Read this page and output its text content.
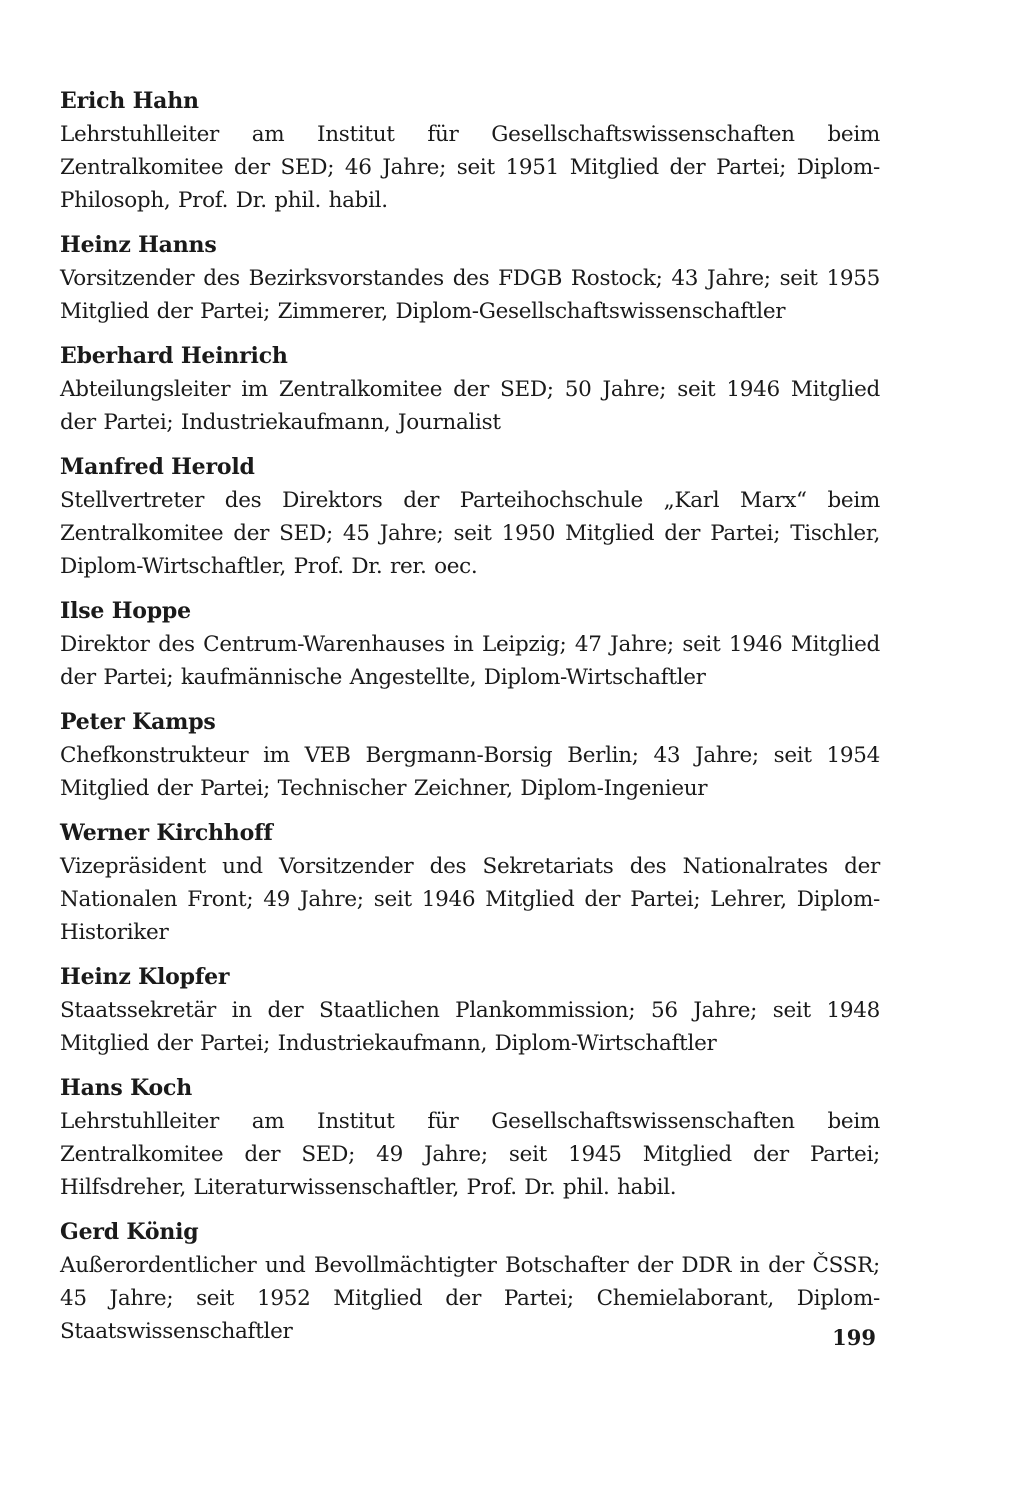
Erich Hahn
Lehrstuhlleiter am Institut für Gesellschaftswissenschaften beim Zentralkomitee der SED; 46 Jahre; seit 1951 Mitglied der Partei; Diplom-Philosoph, Prof. Dr. phil. habil.
Heinz Hanns
Vorsitzender des Bezirksvorstandes des FDGB Rostock; 43 Jahre; seit 1955 Mitglied der Partei; Zimmerer, Diplom-Gesellschaftswissenschaftler
Eberhard Heinrich
Abteilungsleiter im Zentralkomitee der SED; 50 Jahre; seit 1946 Mitglied der Partei; Industriekaufmann, Journalist
Manfred Herold
Stellvertreter des Direktors der Parteihochschule „Karl Marx“ beim Zentralkomitee der SED; 45 Jahre; seit 1950 Mitglied der Partei; Tischler, Diplom-Wirtschaftler, Prof. Dr. rer. oec.
Ilse Hoppe
Direktor des Centrum-Warenhauses in Leipzig; 47 Jahre; seit 1946 Mitglied der Partei; kaufmännische Angestellte, Diplom-Wirtschaftler
Peter Kamps
Chefkonstrukteur im VEB Bergmann-Borsig Berlin; 43 Jahre; seit 1954 Mitglied der Partei; Technischer Zeichner, Diplom-Ingenieur
Werner Kirchhoff
Vizepräsident und Vorsitzender des Sekretariats des Nationalrates der Nationalen Front; 49 Jahre; seit 1946 Mitglied der Partei; Lehrer, Diplom-Historiker
Heinz Klopfer
Staatssekretär in der Staatlichen Plankommission; 56 Jahre; seit 1948 Mitglied der Partei; Industriekaufmann, Diplom-Wirtschaftler
Hans Koch
Lehrstuhlleiter am Institut für Gesellschaftswissenschaften beim Zentralkomitee der SED; 49 Jahre; seit 1945 Mitglied der Partei; Hilfsdreher, Literaturwissenschaftler, Prof. Dr. phil. habil.
Gerd König
Außerordentlicher und Bevollmächtigter Botschafter der DDR in der ČSSR; 45 Jahre; seit 1952 Mitglied der Partei; Chemielaborant, Diplom-Staatswissenschaftler	199
